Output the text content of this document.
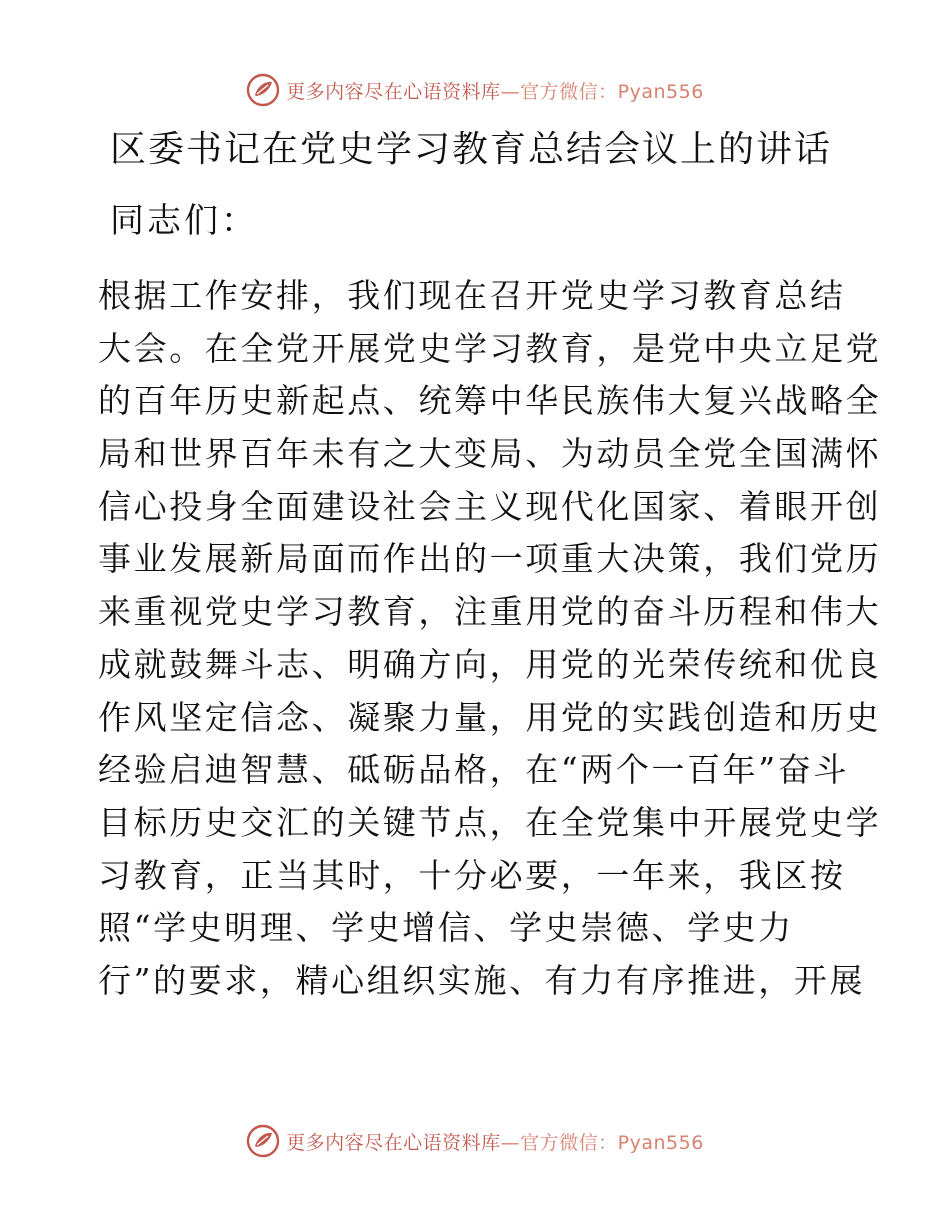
更多内容尽在心语资料库—官方微信：Pyan556
区委书记在党史学习教育总结会议上的讲话
同志们：
根据工作安排，我们现在召开党史学习教育总结
大会。在全党开展党史学习教育，是党中央立足党
的百年历史新起点、统筹中华民族伟大复兴战略全
局和世界百年未有之大变局、为动员全党全国满怀
信心投身全面建设社会主义现代化国家、着眼开创
事业发展新局面而作出的一项重大决策，我们党历
来重视党史学习教育，注重用党的奋斗历程和伟大
成就鼓舞斗志、明确方向，用党的光荣传统和优良
作风坚定信念、凝聚力量，用党的实践创造和历史
经验启迪智慧、砥砺品格，在“两个一百年”奋斗
目标历史交汇的关键节点，在全党集中开展党史学
习教育，正当其时，十分必要，一年来，我区按
照“学史明理、学史增信、学史崇德、学史力
行”的要求，精心组织实施、有力有序推进，开展
更多内容尽在心语资料库—官方微信：Pyan556
